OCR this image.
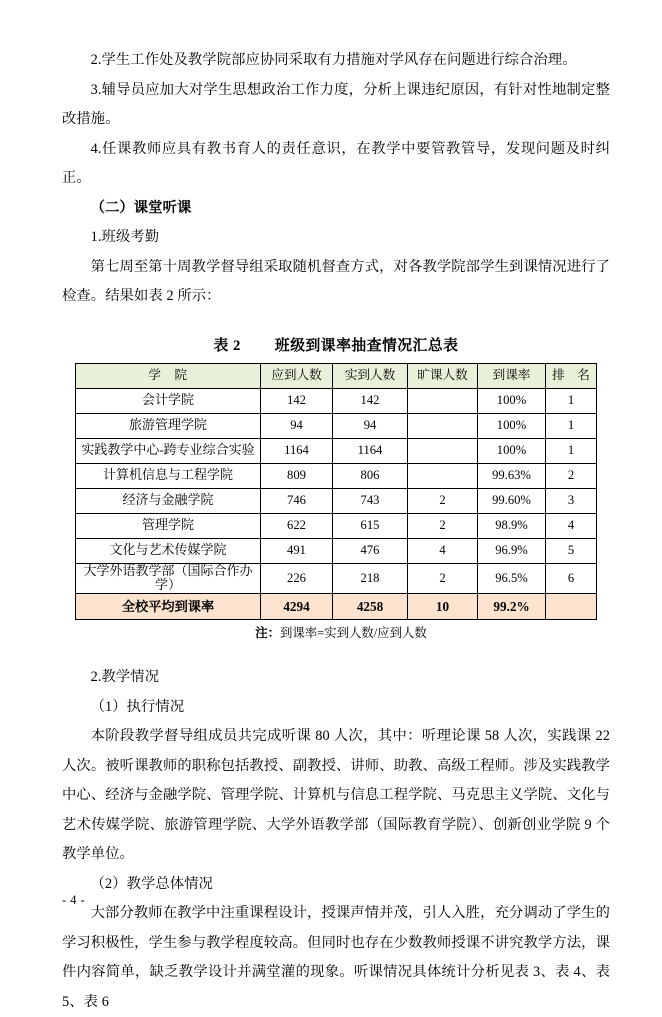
2.学生工作处及教学院部应协同采取有力措施对学风存在问题进行综合治理。

3.辅导员应加大对学生思想政治工作力度，分析上课违纪原因，有针对性地制定整改措施。

4.任课教师应具有教书育人的责任意识，在教学中要管教管导，发现问题及时纠正。

（二）课堂听课

1.班级考勤

第七周至第十周教学督导组采取随机督查方式，对各教学院部学生到课情况进行了检查。结果如表 2 所示：

表 2 班级到课率抽查情况汇总表
学　院	应到人数	实到人数	旷课人数	到课率	排　名
会计学院	142	142		100%	1
旅游管理学院	94	94		100%	1
实践教学中心-跨专业综合实验	1164	1164		100%	1
计算机信息与工程学院	809	806		99.63%	2
经济与金融学院	746	743	2	99.60%	3
管理学院	622	615	2	98.9%	4
文化与艺术传媒学院	491	476	4	96.9%	5
大学外语教学部（国际合作办学）	226	218	2	96.5%	6
全校平均到课率	4294	4258	10	99.2%	
注：到课率=实到人数/应到人数

2.教学情况

（1）执行情况

本阶段教学督导组成员共完成听课 80 人次，其中：听理论课 58 人次，实践课 22 人次。被听课教师的职称包括教授、副教授、讲师、助教、高级工程师。涉及实践教学中心、经济与金融学院、管理学院、计算机与信息工程学院、马克思主义学院、文化与艺术传媒学院、旅游管理学院、大学外语教学部（国际教育学院）、创新创业学院 9 个教学单位。

（2）教学总体情况

大部分教师在教学中注重课程设计，授课声情并茂，引人入胜，充分调动了学生的学习积极性，学生参与教学程度较高。但同时也存在少数教师授课不讲究教学方法，课件内容简单，缺乏教学设计并满堂灌的现象。听课情况具体统计分析见表 3、表 4、表 5、表 6

- 4 -
